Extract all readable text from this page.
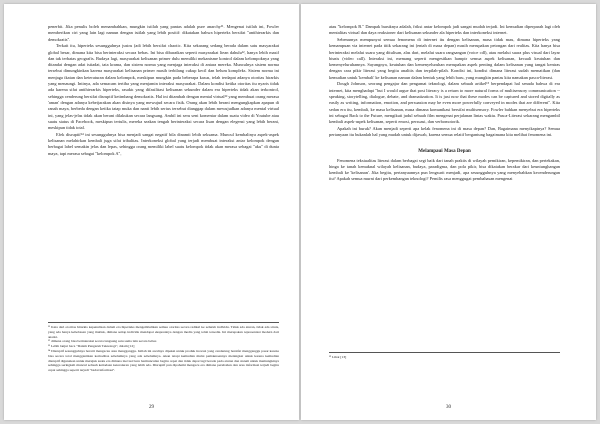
penerbit. Jika penulis boleh menambahkan, mungkin istilah yang pantas adalah pure anarchy¹¹. Mengenai istilah ini, Fowler memberikan ciri yang lain lagi namun dengan istilah yang lebih positif: dikatakan bahwa hiperteks bersifat "antihierarkis dan demokratis".

Terkait itu, hiperteks sesungguhnya justru (adi lebih bersifat chaotic. Kita sekarang sedang berada dalam satu masyarakat global besar, dimana kita bisa berinteraksi secara bebas. Ini bisa dibaratkan seperti masyarakat liean dahulu¹², hanya lebih masif dan tak terbatas geografis. Budaya lagi, masyarakat kelisanan primer dulu memiliki mekanisme kontrol dalam kelompoknya yang ditandai dengan adat istiadat, tata krama, dan sistem norma yang menjaga interaksi di antara mereka. Munculnya sistem norma tersebut dimungkinkan karena masyarakat kelisanan primer masih terbilang cukup kecil dan belum kompleks. Sistem norma ini menjaga ikatan dan keteraturan dalam kelompok, meskipun mungkin pada beberapa kasus, telah terdapat adanya otoritas hirarkis yang menaungi. Intinya, ada semacam tertiba yang menjamin interaksi masyarakat. Dalam kondisi ketika otoritas itu nyaris tidak ada karena sifat antihierarkis hiperteks, rasaktı yang difasilitasi kelisanan sekunder dalam era hiperteks tidak akan terkontrol, sehingga cenderung bersifat disruptif ketimbang demokratis. Hal ini ditambah dengan mental virtual¹³ yang membuat orang merasa 'aman' dengan adanya kebeijarakan akan disinya yang mewujud secara fisik. Orang akan lebih berani mengungkapkan apapun di ranah maya, berbeda dengan ketika tatap muka dan nanti lebih serius tersebut dianggap dalam mewujudkan adanya mental virtual ini, yang jelas-jelas tidak akan berani dilakukan secara langsung. Ambil ini seru seni komentar dalam suatu video di Youtube atau suatu status di Facebook, meskipun tertulis, mereka seakan tengah berinteraksi secara lisan dengan elegensi yang lebih berani, meskipun tidak total.

Efek disruptif¹⁴ ini sesungguhnya bisa menjadi sangat negatif bila dinamti lebih seksama. Muncul kembalinya aspek-aspek kelisanan melahirkan kembali juga sifat tribalitas. Interkoneksi global yang terjadi membuat interaksi antar kelompok dengan berbagai label semakin jelas dan lepas, sehingga orang memiliki label suatu kelompok tidak akan merasa sebagai "aku" di dunia maya, tapi merasa sebagai "kelompok A",

¹¹ Kata dari otoritas hirarkis kepenulisan dalam era hiperteks mengembalikan semua otoritas secara radikal ke seluruh individu. Tidak ada aturan, tidak ada struts, yang ada hanya kebebasan yang mutlak, dimana setiap individu mendapat ekspresinya dengan media yang telah tersedia. Ini merupakan representasi modern dari anarki.

¹² dimana orang bisa berinteraksi secara langsung satu sama lain secara bebas

¹³ Lebih lanjut baca "Dalam Pengaruh Teknologi", dalam [12]

¹⁴ Disruptif sesungguhnya berarti mengacau atau mengganggu. Istilah ini awalnya dipakai untuk produk inovasi yang cenderung bersifat mengganggu pasar karena bisa secara total menggantikan komoditas sebelumnya yang ada sebelumnya. Akan tetapi kemudian mulai pemaknaannya meningkat untuk karena kemudian disruptif digunakan untuk merujuk suatu era dimana inovasi baru bermunculan begitu cepat dan tidak dapat lagi berada pada aturan dan sistem untuk memungkinya sehingga seringkali muncul sebuah ketiadaan keteraturan yang lebih ada. Disruptif pun dipahami mengacu era dimana perubahan dan arus informasi terjadi begitu cepat sehingga seperti terjadi "badai informasi".

29

atau "kelompok B." Dampak buruknya adalah, friksi antar kelompok jadi sangat mudah terjadi. Ini kemudian diperparah lagi oleh mentalitas virtual dan daya reaksioner dari kelisanan sekunder ala hiperteks dan interkoneksi internet.

Sebenarnya mempunyai semua fenomena di internet itu dengan kelisanan, masa tidak mau, dimana hiperteks yang kemampuan via internet pada titik sekarang ini (entah di masa depan) masih merupakan petongan dari realitas. Kita hanya bisa berinteraksi melalui suara yang ditulisan, alas dari, melalui suara rangsangan (voice cdl), atau melalui suara plus visual dari layar bisnis (video call). Interaksi ini, memang seperti mengesitkan hampir semua aspek kelisanan, kecuali keutuhan dan kemenyeluruhannya. Sayangnya, keutuhan dan kemenyeluruhan merupakan aspek penting dalam kelisanan yang tangat kentras dengan cara pikir literasi yang begitu analitis dan terpilah-pilah. Kondisi ini, kondisi dimana literasi sudah mematikan (dan kemudian untuk 'kembali' ke kelisanan namun dalam bentuk yang lebih baru, yang mungkin pantas kita namakan pasca-literasi.

Dough Johnson, seorang pengajar dan pengamat teknologi, dalam sebuah artikel¹⁵ berpendapat hal senada bahwa di era internet, kita menghadapi "but I would argue that post literacy is a return to more natural forms of multisensory communication -- speaking, storytelling, dialogue, debate, and dramatization. It is just now that these modes can be captured and stored digitally as easily as writing, information, emotion, and persuasion may be even more powerfully conveyed in modes that are different". Kita sedan era itu, kembali, ke masa kelisanan, masa dimana komunikasi bersifat multisensory. Fowler bahkan menyebut era hiperteks ini sebagai Back to the Future, mengikuti judul sebuah film mengenai perjalanan lintas waktu. Pasca-Literasi sekarang mengambil kembali aspek-aspek kelisanan, seperti emosi, persuasi, dan verbomotorik.

Apakah ini buruk? Akan menjadi seperti apa kelak fenomena ini di masa depan? Dan, Bagaimana menyikapinya? Semua pertanyaan itu bukanlah hal yang mudah untuk dijawab, karena semua relatif bergantung bagaimana kita melihat fenomena ini.

Melampaui Masa Depan

Fenomena tekstualitas literasi dalam berbagai segi baik dari tanah praktis di wilayah pemikiran, kepemikiran, dan pertekakan, hinga ke tanah kemaknal wilayah kelisanan, budaya, paradigma, dan pola pikir, bisa dikatakan berakar dari keuntunghangan kembali ke 'kelisanan'. Jika begitu, pertanyaannya pun lengsurit menjadi, apa sesungguhnya yang menyebabkan kecenderungan itu? Apakah semua murni dari perkembangan teknologi? Pemilis rasa menggugat pembahasan mengenai

¹⁵ Lihat [13]

30
